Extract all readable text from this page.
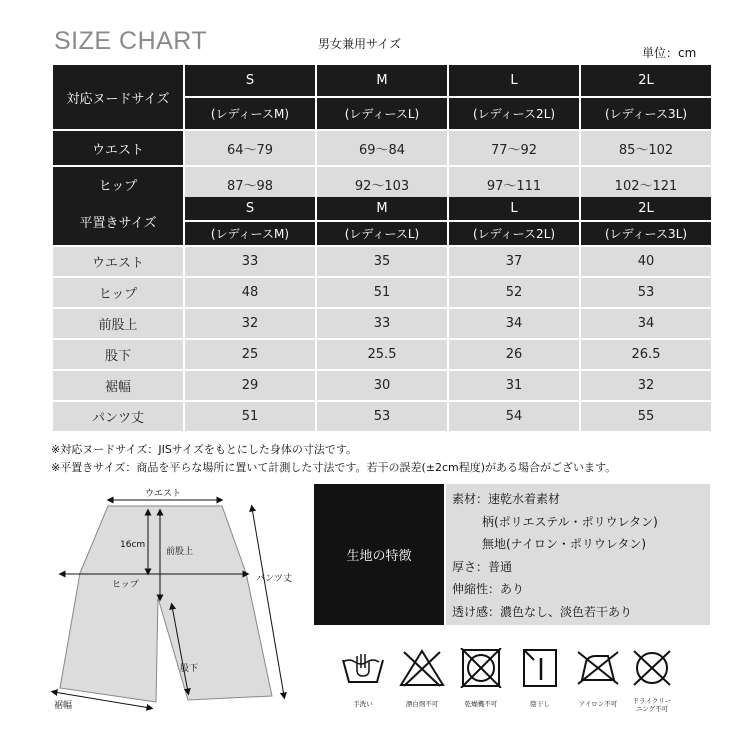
SIZE CHART	男女兼用サイズ
単位：cm
対応ヌードサイズ	S	M	L	2L
	(レディースM)	(レディースL)	(レディース2L)	(レディース3L)
ウエスト	64～79	69～84	77～92	85～102
ヒップ	87～98	92～103	97～111	102～121
平置きサイズ	S	M	L	2L
	(レディースM)	(レディースL)	(レディース2L)	(レディース3L)
ウエスト	33	35	37	40
ヒップ	48	51	52	53
前股上	32	33	34	34
股下	25	25.5	26	26.5
裾幅	29	30	31	32
パンツ丈	51	53	54	55
※対応ヌードサイズ：JISサイズをもとにした身体の寸法です。
※平置きサイズ：商品を平らな場所に置いて計測した寸法です。若干の誤差(±2cm程度)がある場合がございます。
ウエスト
ヒップ
16cm
前股上
股下
パンツ丈
裾幅
生地の特徴
素材：速乾水着素材
柄(ポリエステル・ポリウレタン)
無地(ナイロン・ポリウレタン)
厚さ：普通
伸縮性：あり
透け感：濃色なし、淡色若干あり
手洗い	漂白剤不可	乾燥機不可	陰干し	アイロン不可	ドライクリー
ニング不可
